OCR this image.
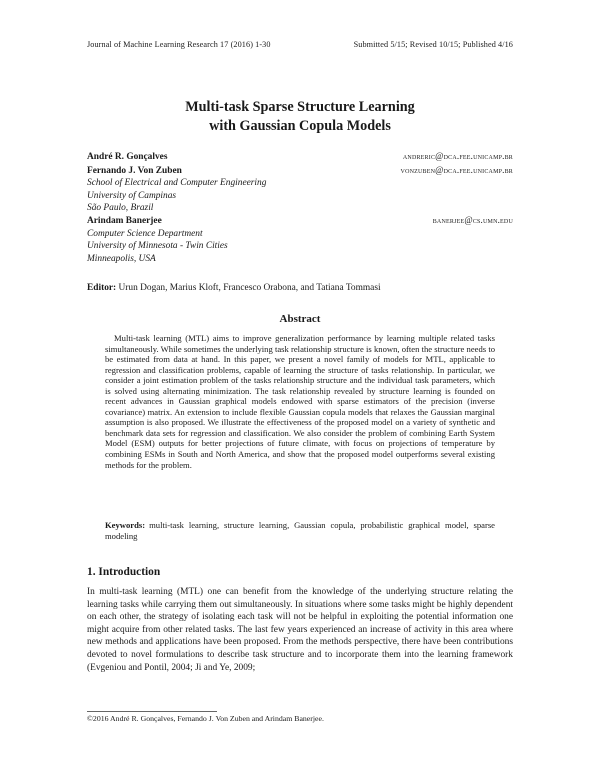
Journal of Machine Learning Research 17 (2016) 1-30	Submitted 5/15; Revised 10/15; Published 4/16
Multi-task Sparse Structure Learning
with Gaussian Copula Models
André R. Gonçalves	andreric@dca.fee.unicamp.br
Fernando J. Von Zuben	vonzuben@dca.fee.unicamp.br
School of Electrical and Computer Engineering
University of Campinas
São Paulo, Brazil
Arindam Banerjee	banerjee@cs.umn.edu
Computer Science Department
University of Minnesota - Twin Cities
Minneapolis, USA
Editor: Urun Dogan, Marius Kloft, Francesco Orabona, and Tatiana Tommasi
Abstract

Multi-task learning (MTL) aims to improve generalization performance by learning multiple related tasks simultaneously. While sometimes the underlying task relationship structure is known, often the structure needs to be estimated from data at hand. In this paper, we present a novel family of models for MTL, applicable to regression and classification problems, capable of learning the structure of tasks relationship. In particular, we consider a joint estimation problem of the tasks relationship structure and the individual task parameters, which is solved using alternating minimization. The task relationship revealed by structure learning is founded on recent advances in Gaussian graphical models endowed with sparse estimators of the precision (inverse covariance) matrix. An extension to include flexible Gaussian copula models that relaxes the Gaussian marginal assumption is also proposed. We illustrate the effectiveness of the proposed model on a variety of synthetic and benchmark data sets for regression and classification. We also consider the problem of combining Earth System Model (ESM) outputs for better projections of future climate, with focus on projections of temperature by combining ESMs in South and North America, and show that the proposed model outperforms several existing methods for the problem.

Keywords: multi-task learning, structure learning, Gaussian copula, probabilistic graphical model, sparse modeling
1. Introduction

In multi-task learning (MTL) one can benefit from the knowledge of the underlying structure relating the learning tasks while carrying them out simultaneously. In situations where some tasks might be highly dependent on each other, the strategy of isolating each task will not be helpful in exploiting the potential information one might acquire from other related tasks. The last few years experienced an increase of activity in this area where new methods and applications have been proposed. From the methods perspective, there have been contributions devoted to novel formulations to describe task structure and to incorporate them into the learning framework (Evgeniou and Pontil, 2004; Ji and Ye, 2009;

©2016 André R. Gonçalves, Fernando J. Von Zuben and Arindam Banerjee.
